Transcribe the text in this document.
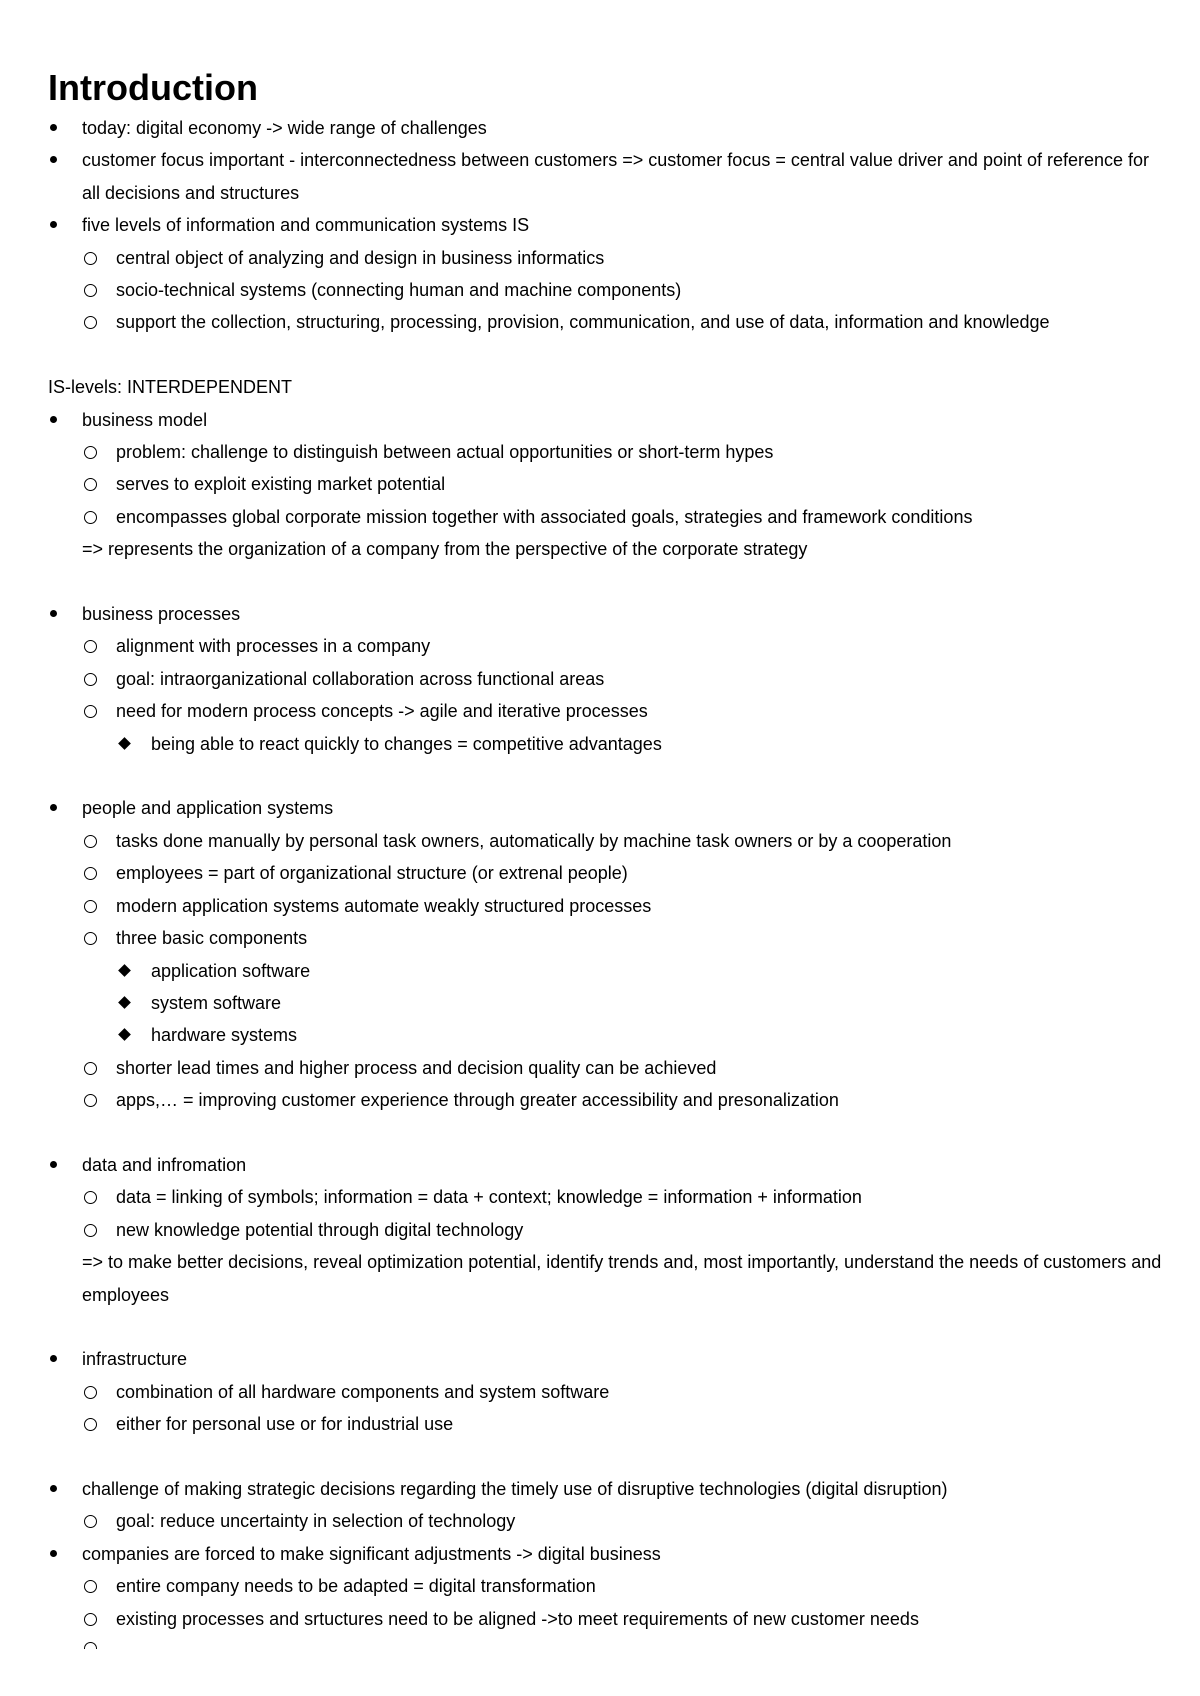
Introduction
today: digital economy -> wide range of challenges
customer focus important - interconnectedness between customers => customer focus = central value driver and point of reference for all decisions and structures
five levels of information and communication systems IS
central object of analyzing and design in business informatics
socio-technical systems (connecting human and machine components)
support the collection, structuring, processing, provision, communication, and use of data, information and knowledge
IS-levels: INTERDEPENDENT
business model
problem: challenge to distinguish between actual opportunities or short-term hypes
serves to exploit existing market potential
encompasses global corporate mission together with associated goals, strategies and framework conditions
=> represents the organization of a company from the perspective of the corporate strategy
business processes
alignment with processes in a company
goal: intraorganizational collaboration across functional areas
need for modern process concepts -> agile and iterative processes
being able to react quickly to changes = competitive advantages
people and application systems
tasks done manually by personal task owners, automatically by machine task owners or by a cooperation
employees = part of organizational structure (or extrenal people)
modern application systems automate weakly structured processes
three basic components
application software
system software
hardware systems
shorter lead times and higher process and decision quality can be achieved
apps,… = improving customer experience through greater accessibility and presonalization
data and infromation
data = linking of symbols; information = data + context; knowledge = information + information
new knowledge potential through digital technology
=> to make better decisions, reveal optimization potential, identify trends and, most importantly, understand the needs of customers and employees
infrastructure
combination of all hardware components and system software
either for personal use or for industrial use
challenge of making strategic decisions regarding the timely use of disruptive technologies (digital disruption)
goal: reduce uncertainty in selection of technology
companies are forced to make significant adjustments -> digital business
entire company needs to be adapted = digital transformation
existing processes and srtuctures need to be aligned ->to meet requirements of new customer needs
